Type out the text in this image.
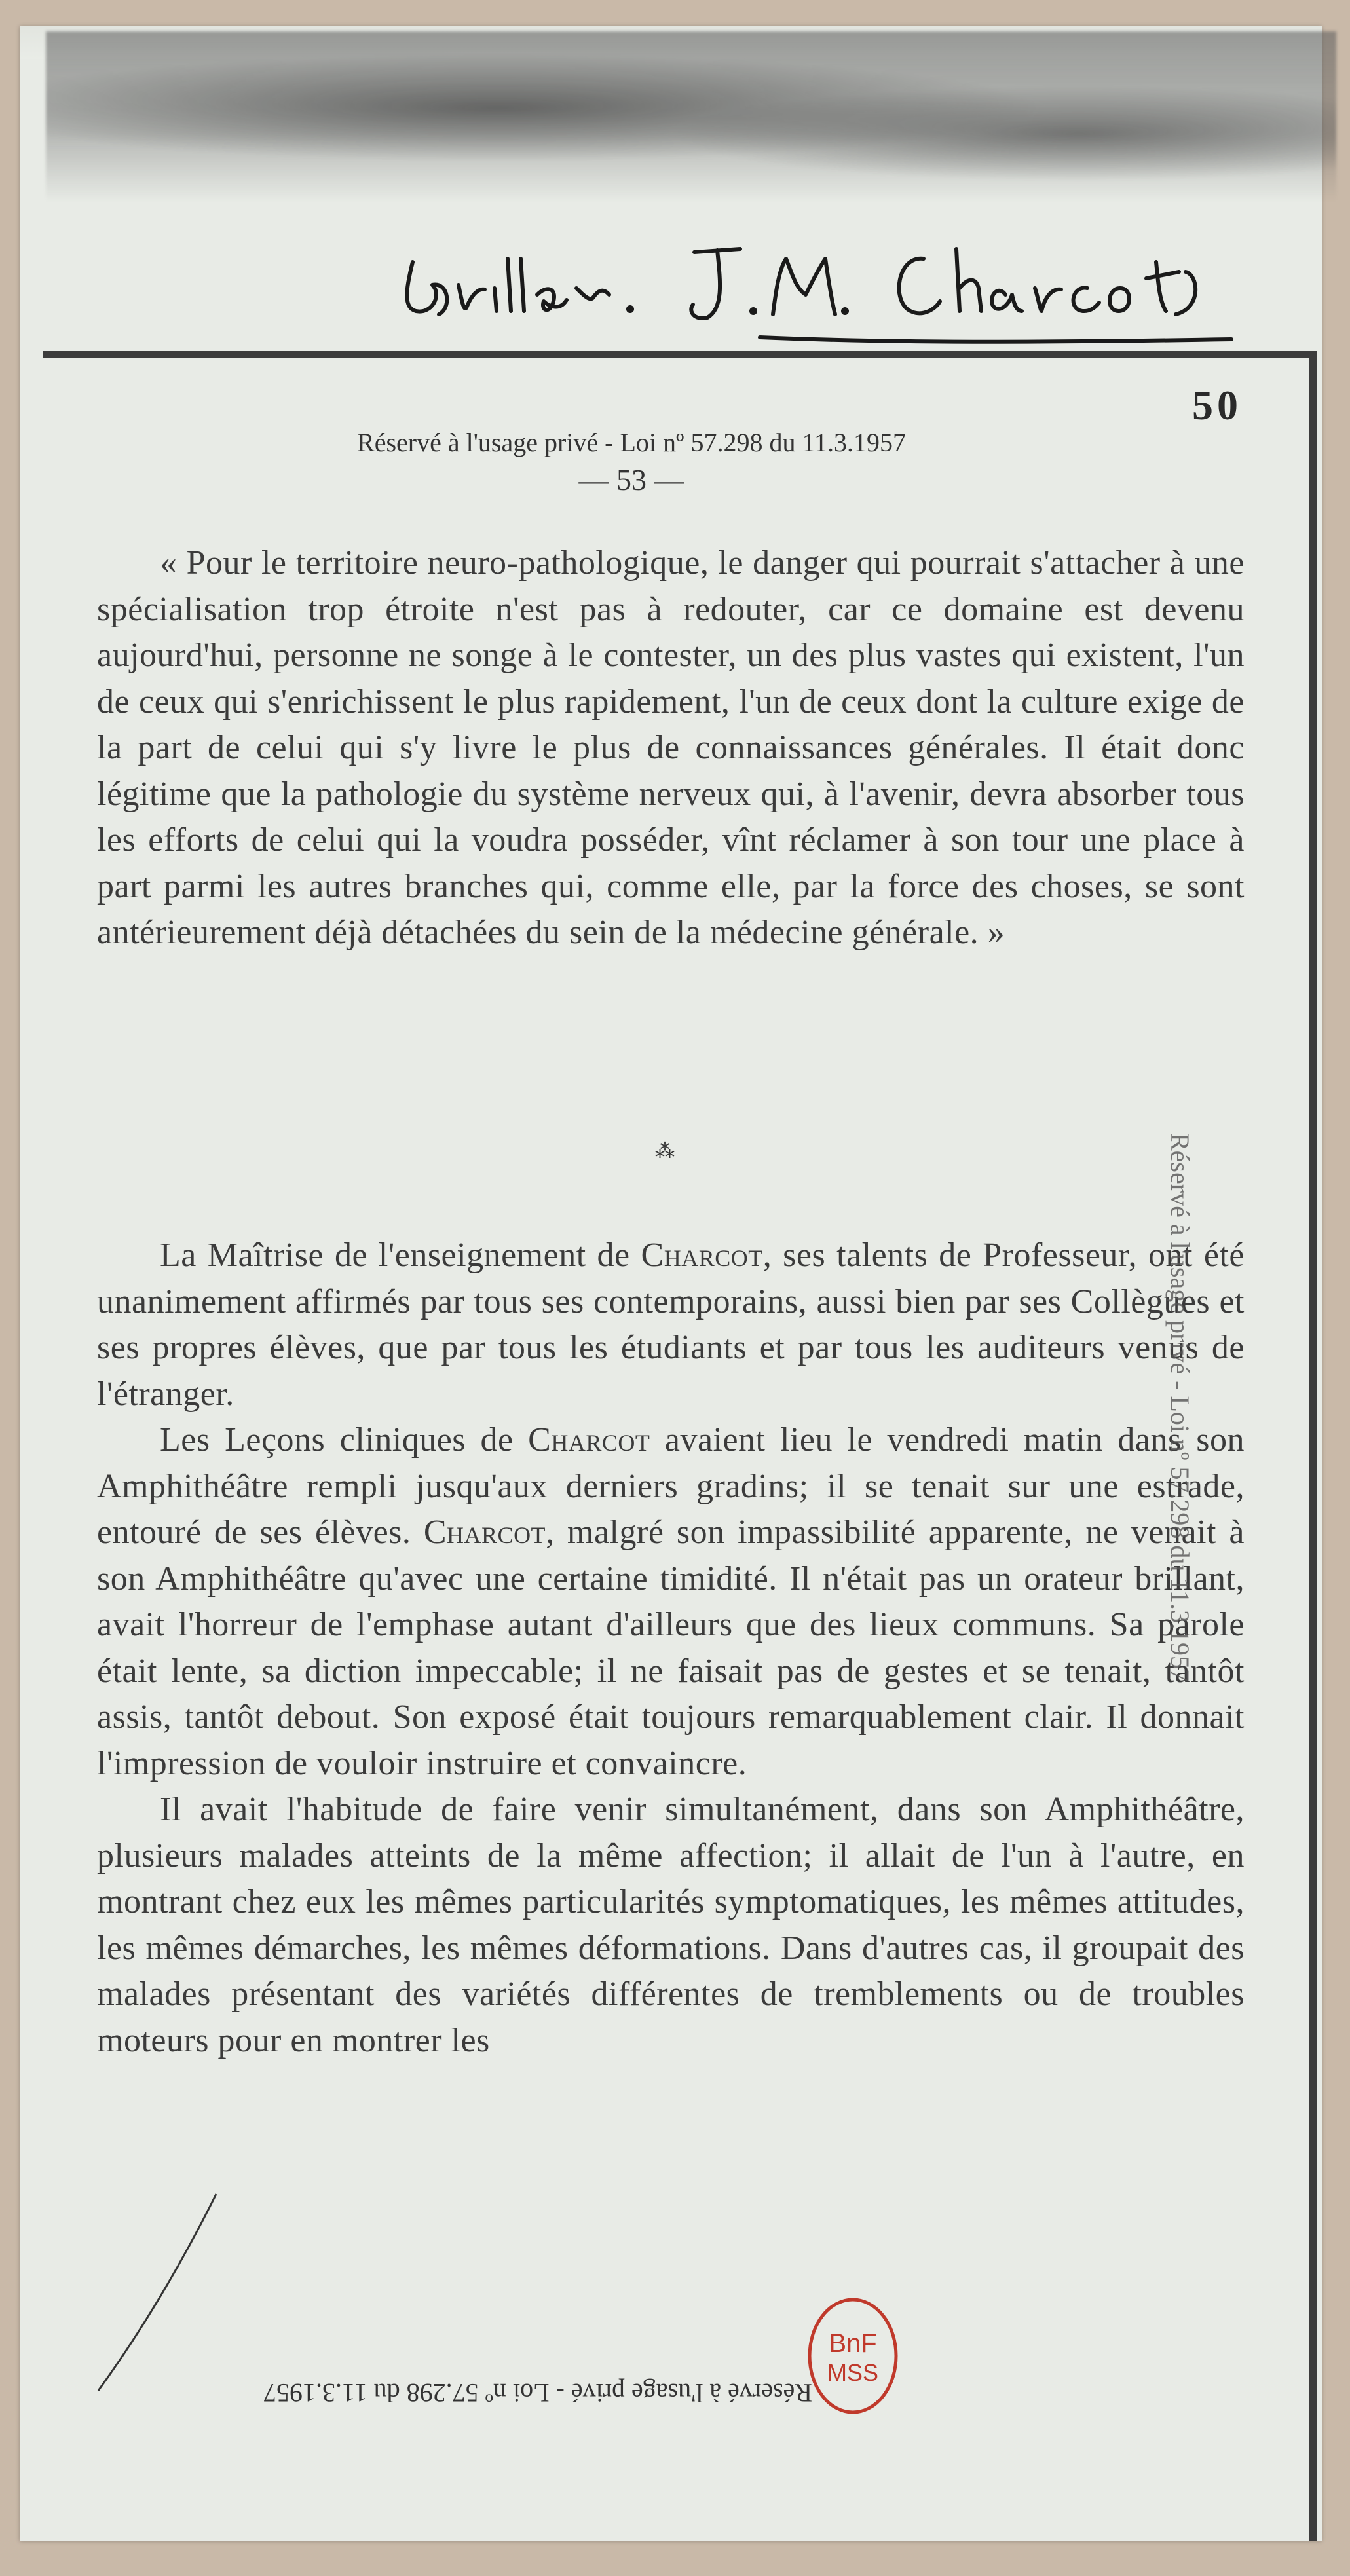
50
Réservé à l'usage privé - Loi nº 57.298 du 11.3.1957
— 53 —

« Pour le territoire neuro-pathologique, le danger qui pourrait s'attacher à une spécialisation trop étroite n'est pas à redouter, car ce domaine est devenu aujourd'hui, personne ne songe à le contester, un des plus vastes qui existent, l'un de ceux qui s'enrichissent le plus rapidement, l'un de ceux dont la culture exige de la part de celui qui s'y livre le plus de connaissances générales. Il était donc légitime que la pathologie du système nerveux qui, à l'avenir, devra absorber tous les efforts de celui qui la voudra posséder, vînt réclamer à son tour une place à part parmi les autres branches qui, comme elle, par la force des choses, se sont antérieurement déjà détachées du sein de la médecine générale. »

⁂

La Maîtrise de l'enseignement de Charcot, ses talents de Professeur, ont été unanimement affirmés par tous ses contemporains, aussi bien par ses Collègues et ses propres élèves, que par tous les étudiants et par tous les auditeurs venus de l'étranger.

Les Leçons cliniques de Charcot avaient lieu le vendredi matin dans son Amphithéâtre rempli jusqu'aux derniers gradins; il se tenait sur une estrade, entouré de ses élèves. Charcot, malgré son impassibilité apparente, ne venait à son Amphithéâtre qu'avec une certaine timidité. Il n'était pas un orateur brillant, avait l'horreur de l'emphase autant d'ailleurs que des lieux communs. Sa parole était lente, sa diction impeccable; il ne faisait pas de gestes et se tenait, tantôt assis, tantôt debout. Son exposé était toujours remarquablement clair. Il donnait l'impression de vouloir instruire et convaincre.

Il avait l'habitude de faire venir simultanément, dans son Amphithéâtre, plusieurs malades atteints de la même affection; il allait de l'un à l'autre, en montrant chez eux les mêmes particularités symptomatiques, les mêmes attitudes, les mêmes démarches, les mêmes déformations. Dans d'autres cas, il groupait des malades présentant des variétés différentes de tremblements ou de troubles moteurs pour en montrer les

Réservé à l'usage privé - Loi nº 57.298 du 11.3.1957
BnF
MSS
Réservé à l'usage privé - Loi nº 57.298 du 11.3.1957
